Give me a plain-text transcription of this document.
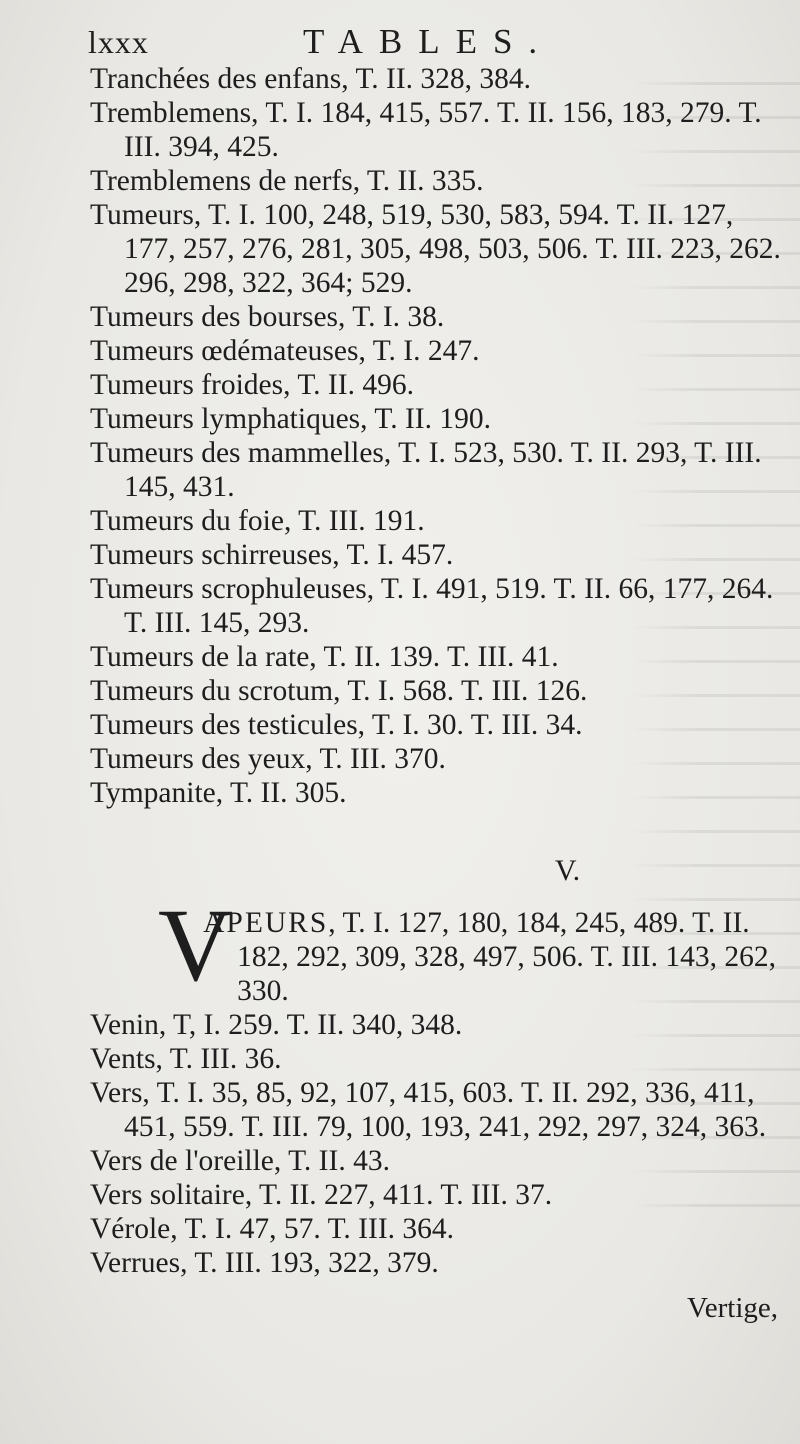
lxxx	TABLES.
Tranchées des enfans, T. II. 328, 384.
Tremblemens, T. I. 184, 415, 557. T. II. 156, 183, 279. T. III. 394, 425.
Tremblemens de nerfs, T. II. 335.
Tumeurs, T. I. 100, 248, 519, 530, 583, 594. T. II. 127, 177, 257, 276, 281, 305, 498, 503, 506. T. III. 223, 262. 296, 298, 322, 364; 529.
Tumeurs des bourses, T. I. 38.
Tumeurs œdémateuses, T. I. 247.
Tumeurs froides, T. II. 496.
Tumeurs lymphatiques, T. II. 190.
Tumeurs des mammelles, T. I. 523, 530. T. II. 293, T. III. 145, 431.
Tumeurs du foie, T. III. 191.
Tumeurs schirreuses, T. I. 457.
Tumeurs scrophuleuses, T. I. 491, 519. T. II. 66, 177, 264. T. III. 145, 293.
Tumeurs de la rate, T. II. 139. T. III. 41.
Tumeurs du scrotum, T. I. 568. T. III. 126.
Tumeurs des testicules, T. I. 30. T. III. 34.
Tumeurs des yeux, T. III. 370.
Tympanite, T. II. 305.
V.
V
APEURS, T. I. 127, 180, 184, 245, 489. T. II. 182, 292, 309, 328, 497, 506. T. III. 143, 262, 330.
Venin, T, I. 259. T. II. 340, 348.
Vents, T. III. 36.
Vers, T. I. 35, 85, 92, 107, 415, 603. T. II. 292, 336, 411, 451, 559. T. III. 79, 100, 193, 241, 292, 297, 324, 363.
Vers de l'oreille, T. II. 43.
Vers solitaire, T. II. 227, 411. T. III. 37.
Vérole, T. I. 47, 57. T. III. 364.
Verrues, T. III. 193, 322, 379.
Vertige,
